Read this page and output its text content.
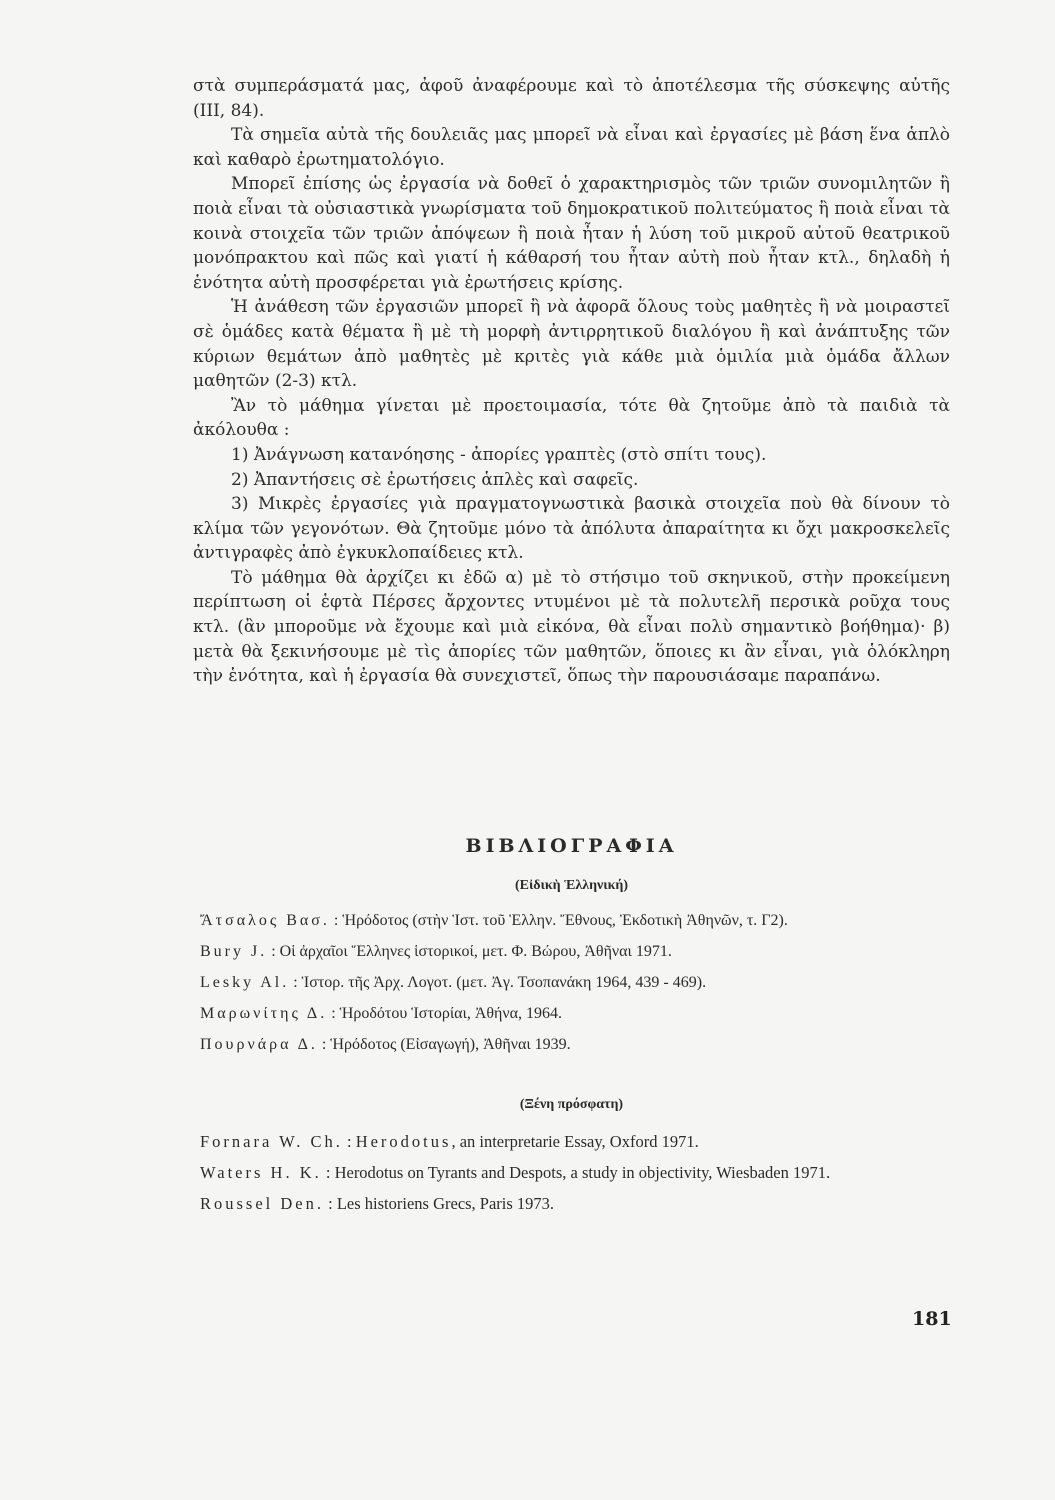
στὰ συμπεράσματά μας, ἀφοῦ ἀναφέρουμε καὶ τὸ ἀποτέλεσμα τῆς σύσκεψης αὐτῆς (ΙΙΙ, 84).

Τὰ σημεῖα αὐτὰ τῆς δουλειᾶς μας μπορεῖ νὰ εἶναι καὶ ἐργασίες μὲ βάση ἕνα ἁπλὸ καὶ καθαρὸ ἐρωτηματολόγιο.

Μπορεῖ ἐπίσης ὡς ἐργασία νὰ δοθεῖ ὁ χαρακτηρισμὸς τῶν τριῶν συνομιλητῶν ἢ ποιὰ εἶναι τὰ οὐσιαστικὰ γνωρίσματα τοῦ δημοκρατικοῦ πολιτεύματος ἢ ποιὰ εἶναι τὰ κοινὰ στοιχεῖα τῶν τριῶν ἀπόψεων ἢ ποιὰ ἦταν ἡ λύση τοῦ μικροῦ αὐτοῦ θεατρικοῦ μονόπρακτου καὶ πῶς καὶ γιατί ἡ κάθαρσή του ἦταν αὐτὴ ποὺ ἦταν κτλ., δηλαδὴ ἡ ἑνότητα αὐτὴ προσφέρεται γιὰ ἐρωτήσεις κρίσης.

Ἡ ἀνάθεση τῶν ἐργασιῶν μπορεῖ ἢ νὰ ἀφορᾶ ὅλους τοὺς μαθητὲς ἢ νὰ μοιραστεῖ σὲ ὁμάδες κατὰ θέματα ἢ μὲ τὴ μορφὴ ἀντιρρητικοῦ διαλόγου ἢ καὶ ἀνάπτυξης τῶν κύριων θεμάτων ἀπὸ μαθητὲς μὲ κριτὲς γιὰ κάθε μιὰ ὁμιλία μιὰ ὁμάδα ἄλλων μαθητῶν (2-3) κτλ.

Ἂν τὸ μάθημα γίνεται μὲ προετοιμασία, τότε θὰ ζητοῦμε ἀπὸ τὰ παιδιὰ τὰ ἀκόλουθα :

1) Ἀνάγνωση κατανόησης - ἀπορίες γραπτὲς (στὸ σπίτι τους).

2) Ἀπαντήσεις σὲ ἐρωτήσεις ἁπλὲς καὶ σαφεῖς.

3) Μικρὲς ἐργασίες γιὰ πραγματογνωστικὰ βασικὰ στοιχεῖα ποὺ θὰ δίνουν τὸ κλίμα τῶν γεγονότων. Θὰ ζητοῦμε μόνο τὰ ἀπόλυτα ἀπαραίτητα κι ὄχι μακροσκελεῖς ἀντιγραφὲς ἀπὸ ἐγκυκλοπαίδειες κτλ.

Τὸ μάθημα θὰ ἀρχίζει κι ἐδῶ α) μὲ τὸ στήσιμο τοῦ σκηνικοῦ, στὴν προκείμενη περίπτωση οἱ ἑφτὰ Πέρσες ἄρχοντες ντυμένοι μὲ τὰ πολυτελῆ περσικὰ ροῦχα τους κτλ. (ἂν μποροῦμε νὰ ἔχουμε καὶ μιὰ εἰκόνα, θὰ εἶναι πολὺ σημαντικὸ βοήθημα)· β) μετὰ θὰ ξεκινήσουμε μὲ τὶς ἀπορίες τῶν μαθητῶν, ὅποιες κι ἂν εἶναι, γιὰ ὁλόκληρη τὴν ἑνότητα, καὶ ἡ ἐργασία θὰ συνεχιστεῖ, ὅπως τὴν παρουσιάσαμε παραπάνω.

ΒΙΒΛΙΟΓΡΑΦΙΑ
(Εἰδικὴ Ἑλληνική)

Ἄτσαλος Βασ. : Ἡρόδοτος (στὴν Ἱστ. τοῦ Ἑλλην. Ἔθνους, Ἐκδοτικὴ Ἀθηνῶν, τ. Γ2).

Bury J. : Οἱ ἀρχαῖοι Ἕλληνες ἱστορικοί, μετ. Φ. Βώρου, Ἀθῆναι 1971.

Lesky Al. : Ἱστορ. τῆς Ἀρχ. Λογοτ. (μετ. Ἀγ. Τσοπανάκη 1964, 439 - 469).

Μαρωνίτης Δ. : Ἡροδότου Ἱστορίαι, Ἀθήνα, 1964.

Πουρνάρα Δ. : Ἡρόδοτος (Εἰσαγωγή), Ἀθῆναι 1939.

(Ξένη πρόσφατη)

Fornara W. Ch. : Herodotus, an interpretarie Essay, Oxford 1971.

Waters H. K. : Herodotus on Tyrants and Despots, a study in objectivity, Wiesbaden 1971.

Roussel Den. : Les historiens Grecs, Paris 1973.

181
